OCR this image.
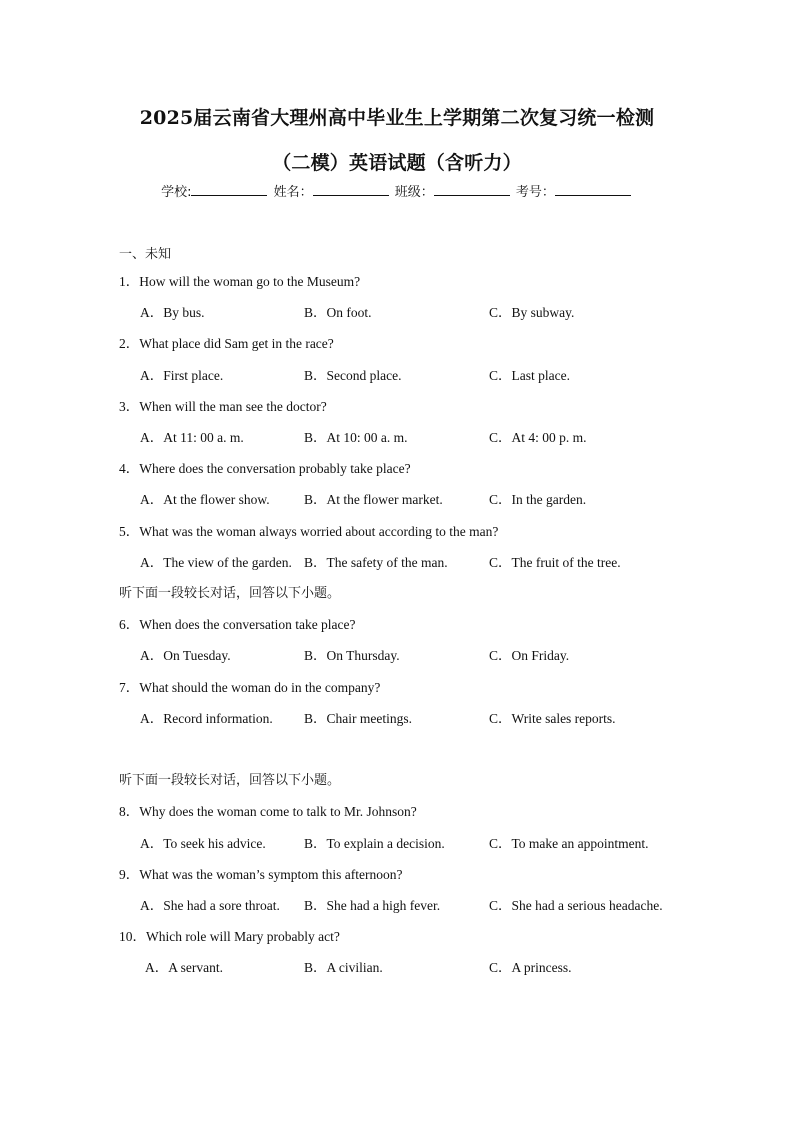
2025届云南省大理州高中毕业生上学期第二次复习统一检测
（二模）英语试题（含听力）
学校:	姓名：	班级：	考号：
一、未知
1．How will the woman go to the Museum?
A．By bus.	B．On foot.	C．By subway.
2．What place did Sam get in the race?
A．First place.	B．Second place.	C．Last place.
3．When will the man see the doctor?
A．At 11: 00 a. m.	B．At 10: 00 a. m.	C．At 4: 00 p. m.
4．Where does the conversation probably take place?
A．At the flower show.	B．At the flower market.	C．In the garden.
5．What was the woman always worried about according to the man?
A．The view of the garden. B．The safety of the man.	C．The fruit of the tree.
听下面一段较长对话，回答以下小题。
6．When does the conversation take place?
A．On Tuesday.	B．On Thursday.	C．On Friday.
7．What should the woman do in the company?
A．Record information. B．Chair meetings.	C．Write sales reports.
听下面一段较长对话，回答以下小题。
8．Why does the woman come to talk to Mr. Johnson?
A．To seek his advice.	B．To explain a decision.	C．To make an appointment.
9．What was the woman’s symptom this afternoon?
A．She had a sore throat. B．She had a high fever.	C．She had a serious headache.
10．Which role will Mary probably act?
A．A servant.	B．A civilian.	C．A princess.
